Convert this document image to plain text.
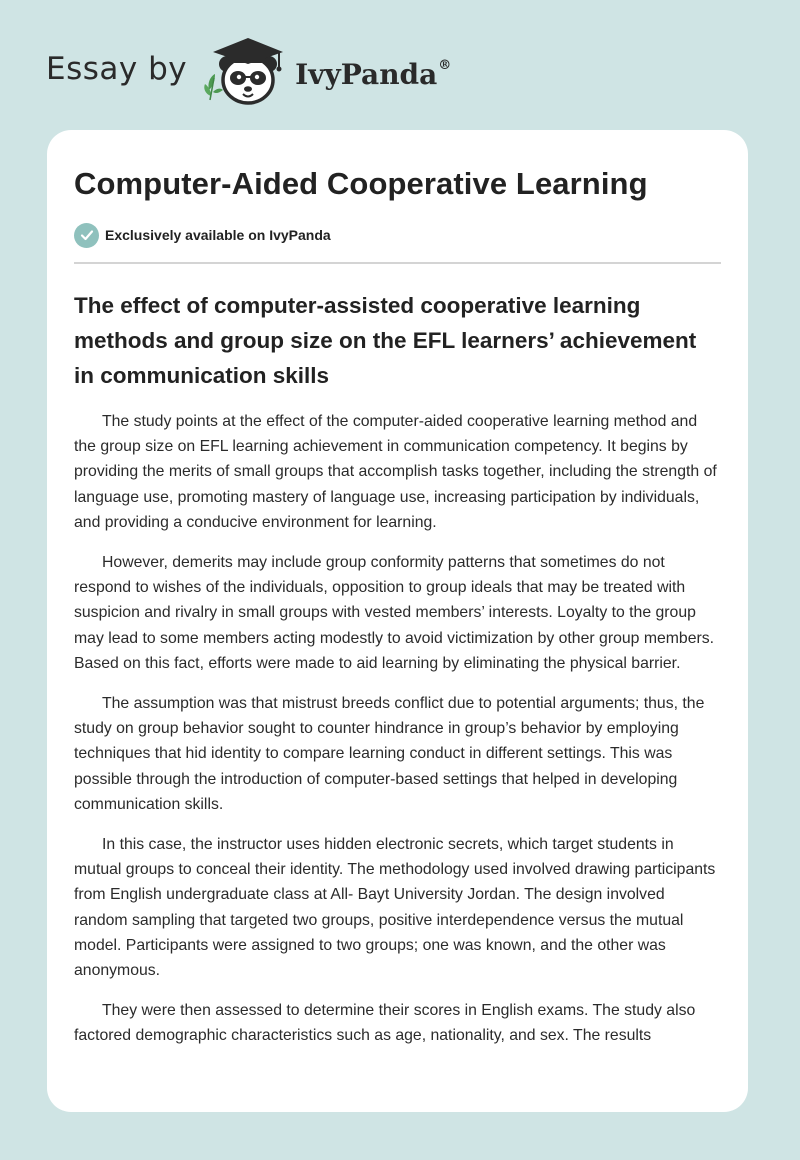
Essay by	IvyPanda®
Computer-Aided Cooperative Learning
Exclusively available on IvyPanda
The effect of computer-assisted cooperative learning methods and group size on the EFL learners’ achievement in communication skills

The study points at the effect of the computer-aided cooperative learning method and the group size on EFL learning achievement in communication competency. It begins by providing the merits of small groups that accomplish tasks together, including the strength of language use, promoting mastery of language use, increasing participation by individuals, and providing a conducive environment for learning.

However, demerits may include group conformity patterns that sometimes do not respond to wishes of the individuals, opposition to group ideals that may be treated with suspicion and rivalry in small groups with vested members’ interests. Loyalty to the group may lead to some members acting modestly to avoid victimization by other group members. Based on this fact, efforts were made to aid learning by eliminating the physical barrier.

The assumption was that mistrust breeds conflict due to potential arguments; thus, the study on group behavior sought to counter hindrance in group’s behavior by employing techniques that hid identity to compare learning conduct in different settings. This was possible through the introduction of computer-based settings that helped in developing communication skills.

In this case, the instructor uses hidden electronic secrets, which target students in mutual groups to conceal their identity. The methodology used involved drawing participants from English undergraduate class at All- Bayt University Jordan. The design involved random sampling that targeted two groups, positive interdependence versus the mutual model. Participants were assigned to two groups; one was known, and the other was anonymous.

They were then assessed to determine their scores in English exams. The study also factored demographic characteristics such as age, nationality, and sex. The results
